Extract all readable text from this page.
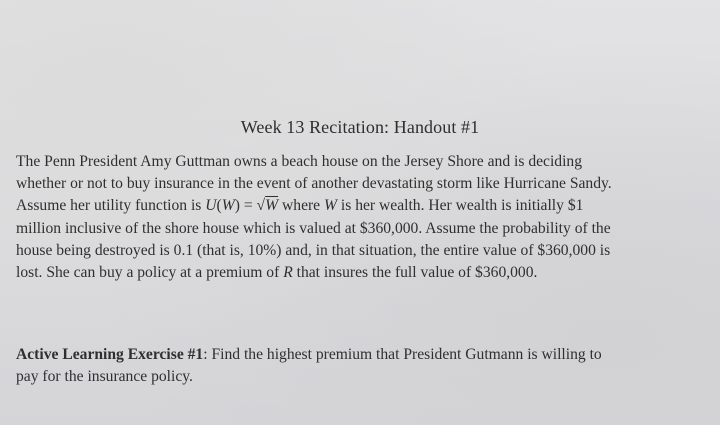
Week 13 Recitation: Handout #1
The Penn President Amy Guttman owns a beach house on the Jersey Shore and is deciding
whether or not to buy insurance in the event of another devastating storm like Hurricane Sandy.
Assume her utility function is U(W) = √W where W is her wealth. Her wealth is initially $1
million inclusive of the shore house which is valued at $360,000. Assume the probability of the
house being destroyed is 0.1 (that is, 10%) and, in that situation, the entire value of $360,000 is
lost. She can buy a policy at a premium of R that insures the full value of $360,000.
Active Learning Exercise #1: Find the highest premium that President Gutmann is willing to
pay for the insurance policy.
